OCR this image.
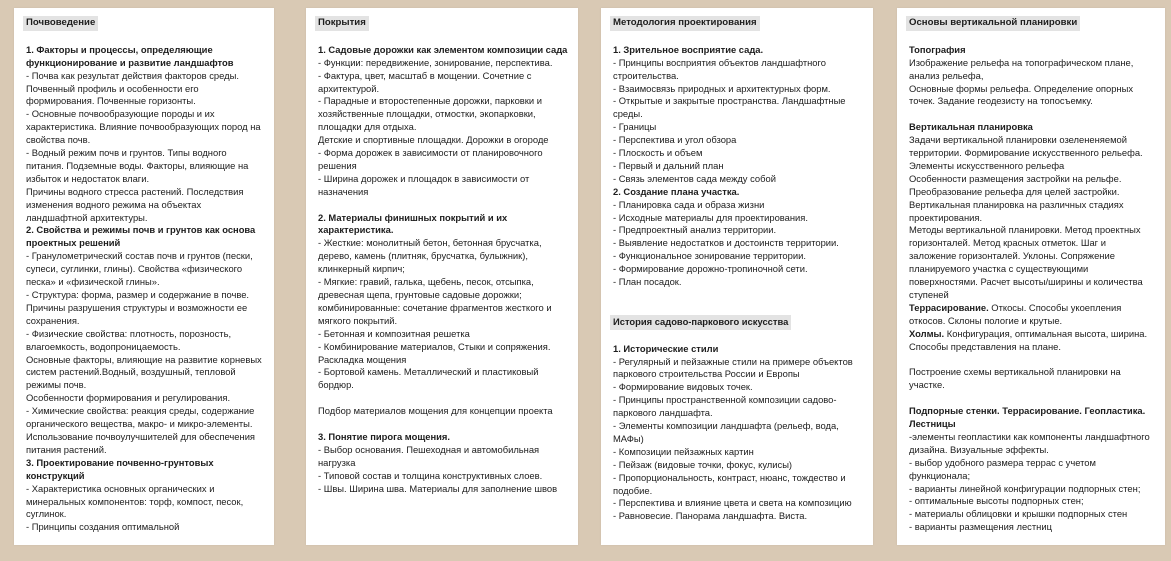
Почвоведение
1. Факторы и процессы, определяющие функционирование и развитие ландшафтов
- Почва как результат действия факторов среды. Почвенный профиль и особенности его формирования. Почвенные горизонты.
- Основные почвообразующие породы и их характеристика. Влияние почвообразующих пород на свойства почв.
- Водный режим почв и грунтов. Типы водного питания. Подземные воды. Факторы, влияющие на избыток и недостаток влаги.
Причины водного стресса растений. Последствия изменения водного режима на объектах ландшафтной архитектуры.
2. Свойства и режимы почв и грунтов как основа проектных решений
- Гранулометрический состав почв и грунтов (пески, супеси, суглинки, глины). Свойства «физического песка» и «физической глины».
- Структура: форма, размер и содержание в почве. Причины разрушения структуры и возможности ее сохранения.
- Физические свойства: плотность, порозность, влагоемкость, водопроницаемость.
Основные факторы, влияющие на развитие корневых систем растений.Водный, воздушный, тепловой режимы почв.
Особенности формирования и регулирования.
- Химические свойства: реакция среды, содержание органического вещества, макро- и микро-элементы. Использование почвоулучшителей для обеспечения питания растений.
3. Проектирование почвенно-грунтовых конструкций
- Характеристика основных органических и минеральных компонентов: торф, компост, песок, суглинок.
- Принципы создания оптимальной
Покрытия
1. Садовые дорожки как элементом композиции сада
- Функции: передвижение, зонирование, перспектива.
- Фактура, цвет, масштаб в мощении. Сочетние с архитектурой.
- Парадные и второстепенные дорожки, парковки и хозяйственные площадки, отмостки, экопарковки, площадки для отдыха.
Детские и спортивные площадки. Дорожки в огороде
- Форма дорожек в зависимости от планировочного решения
- Ширина дорожек и площадок в зависимости от назначения
2. Материалы финишных покрытий и их характеристика.
- Жесткие: монолитный бетон, бетонная брусчатка, дерево, камень (плитняк, брусчатка, булыжник), клинкерный кирпич;
- Мягкие: гравий, галька, щебень, песок, отсыпка, древесная щепа, грунтовые садовые дорожки; комбинированные: сочетание фрагментов жесткого и мягкого покрытий.
- Бетонная и композитная решетка
- Комбинирование материалов, Стыки и сопряжения. Раскладка мощения
- Бортовой камень. Металлический и пластиковый бордюр.
Подбор материалов мощения для концепции проекта
3. Понятие пирога мощения.
- Выбор основания. Пешеходная и автомобильная нагрузка
- Типовой состав и толщина конструктивных слоев.
- Швы. Ширина шва. Материалы для заполнение швов
Методология проектирования
1. Зрительное восприятие сада.
- Принципы восприятия объектов ландшафтного строительства.
- Взаимосвязь природных и архитектурных форм.
- Открытые и закрытые пространства. Ландшафтные среды.
- Границы
- Перспектива и угол обзора
- Плоскость и объем
- Первый и дальний план
- Связь элементов сада между собой
2. Создание плана участка.
- Планировка сада и образа жизни
- Исходные материалы для проектирования.
- Предпроектный анализ территории.
- Выявление недостатков и достоинств территории.
- Функциональное зонирование территории.
- Формирование дорожно-тропиночной сети.
- План посадок.
История садово-паркового искусства
1. Исторические стили
- Регулярный и пейзажные стили на примере объектов паркового строительства России и Европы
- Формирование видовых точек.
- Принципы пространственной композиции садово-паркового ландшафта.
- Элементы композиции ландшафта (рельеф, вода, МАФы)
- Композиции пейзажных картин
- Пейзаж (видовые точки, фокус, кулисы)
- Пропорциональность, контраст, нюанс, тождество и подобие.
- Перспектива и влияние цвета и света на композицию
- Равновесие. Панорама ландшафта. Виста.
Основы вертикальной планировки
Топография
Изображение рельефа на топографическом плане, анализ рельефа,
Основные формы рельефа. Определение опорных точек. Задание геодезисту на топосъемку.
Вертикальная планировка
Задачи вертикальной планировки озелененяемой территории. Формирование искусственного рельефа.
Элементы искусственного рельефа
Особенности размещения застройки на рельфе.
Преобразование рельефа для целей застройки.
Вертикальная планировка на различных стадиях проектирования.
Методы вертикальной планировки. Метод проектных горизонталей. Метод красных отметок. Шаг и заложение горизонталей. Уклоны. Сопряжение планируемого участка с существующими поверхностями. Расчет высоты/ширины и количества ступеней
Террасирование. Откосы. Способы укоепления откосов. Склоны пологие и крутые.
Холмы. Конфигурация, оптимальная высота, ширина. Способы представления на плане.
Построение схемы вертикальной планировки на участке.
Подпорные стенки. Террасирование. Геопластика. Лестницы
-элементы геопластики как компоненты ландшафтного дизайна. Визуальные эффекты.
- выбор удобного размера террас с учетом функционала;
- варианты линейной конфигурации подпорных стен;
- оптимальные высоты подпорных стен;
- материалы облицовки и крышки подпорных стен
- варианты размещения лестниц
